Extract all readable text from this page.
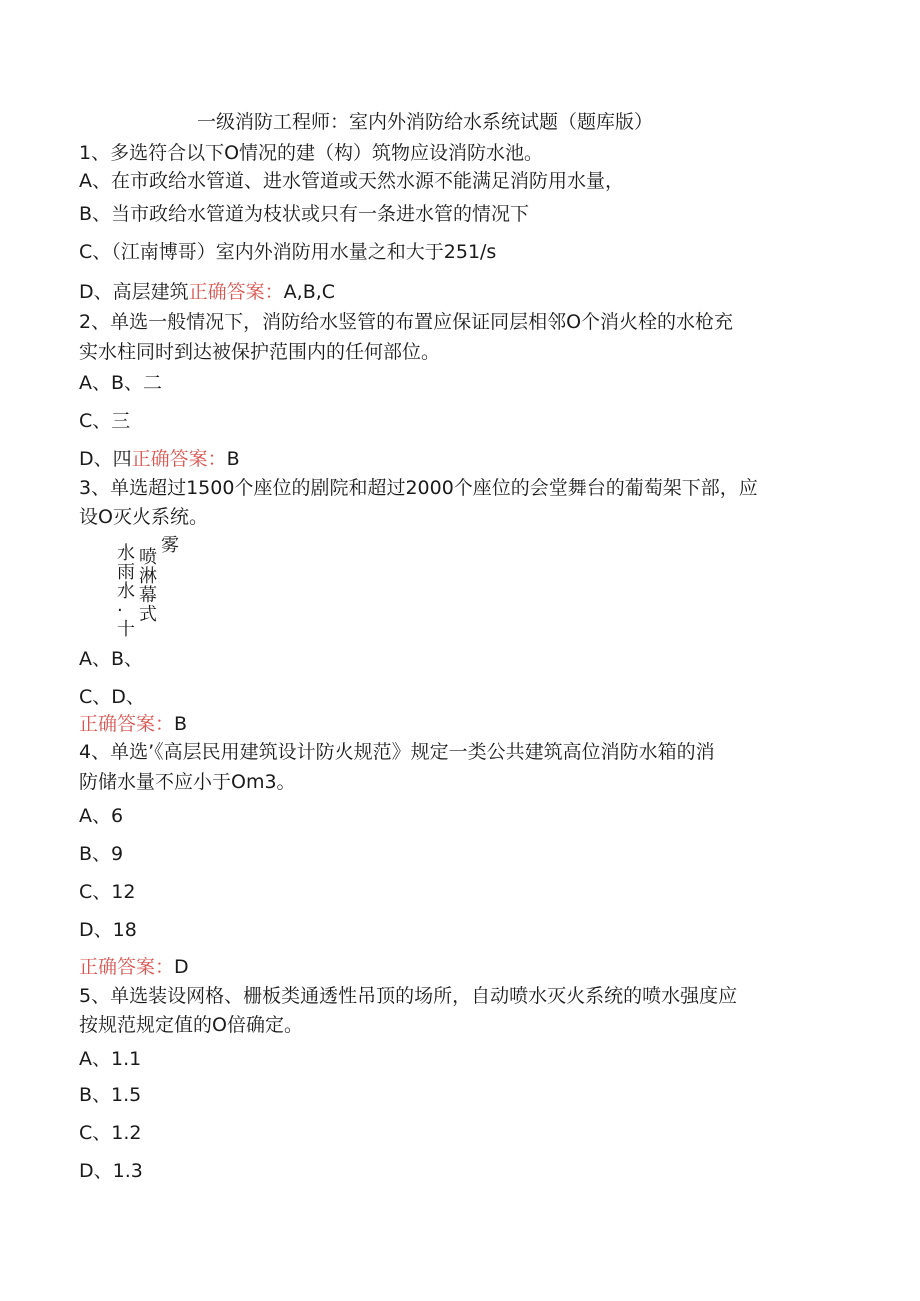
一级消防工程师：室内外消防给水系统试题（题库版）
1、多选符合以下O情况的建（构）筑物应设消防水池。
A、在市政给水管道、进水管道或天然水源不能满足消防用水量，
B、当市政给水管道为枝状或只有一条进水管的情况下
C、（江南博哥）室内外消防用水量之和大于251∕s
D、高层建筑正确答案：A,B,C
2、单选一般情况下，消防给水竖管的布置应保证同层相邻O个消火栓的水枪充
实水柱同时到达被保护范围内的任何部位。
A、B、二
C、三
D、四正确答案：B
3、单选超过1500个座位的剧院和超过2000个座位的会堂舞台的葡萄架下部，应
设O灭火系统。
水
雨
水
·
十
喷
淋
幕
式
雾
A、B、
C、D、
正确答案：B
4、单选’《高层民用建筑设计防火规范》规定一类公共建筑高位消防水箱的消
防储水量不应小于Om3。
A、6
B、9
C、12
D、18
正确答案：D
5、单选装设网格、栅板类通透性吊顶的场所，自动喷水灭火系统的喷水强度应
按规范规定值的O倍确定。
A、1.1
B、1.5
C、1.2
D、1.3
